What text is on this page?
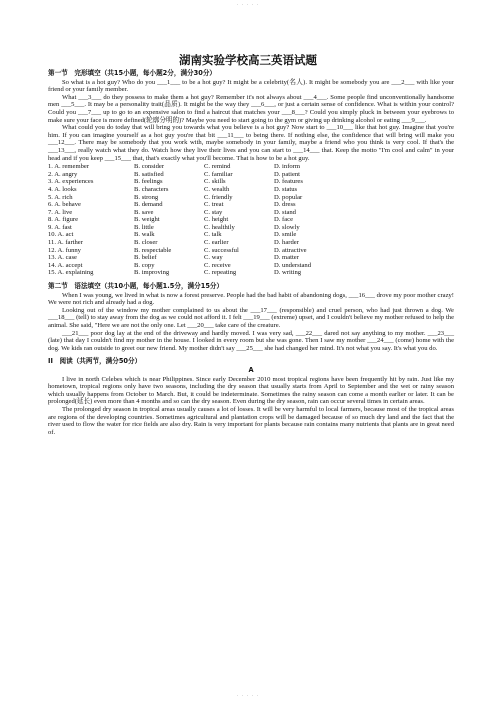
· · · · ·
湖南实验学校高三英语试题
第一节　完形填空（共15小题，每小题2分，满分30分）

So what is a hot guy? Who do you ___1___ to be a hot guy? It might be a celebrity(名人). It might be somebody you are ___2___ with like your friend or your family member.

What ___3___ do they possess to make them a hot guy? Remember it's not always about ___4___. Some people find unconventionally handsome men ___5___. It may be a personality trait(品质). It might be the way they ___6___, or just a certain sense of confidence. What is within your control? Could you ___7___ up to go to an expensive salon to find a haircut that matches your ___8___? Could you simply pluck in between your eyebrows to make sure your face is more defined(轮廓分明的)? Maybe you need to start going to the gym or giving up drinking alcohol or eating ___9___.

What could you do today that will bring you towards what you believe is a hot guy? Now start to ___10___ like that hot guy. Imagine that you're him. If you can imagine yourself as a hot guy you're that bit ___11___ to being there. If nothing else, the confidence that will bring will make you ___12___. There may be somebody that you work with, maybe somebody in your family, maybe a friend who you think is very cool. If that's the ___13___, really watch what they do. Watch how they live their lives and you can start to ___14___ that. Keep the motto "I'm cool and calm" in your head and if you keep ___15___ that, that's exactly what you'll become. That is how to be a hot guy.

1. A. remember	B. consider	C. remind	D. inform
2. A. angry	B. satisfied	C. familiar	D. patient
3. A. experiences	B. feelings	C. skills	D. features
4. A. looks	B. characters	C. wealth	D. status
5. A. rich	B. strong	C. friendly	D. popular
6. A. behave	B. demand	C. treat	D. dress
7. A. live	B. save	C. stay	D. stand
8. A. figure	B. weight	C. height	D. face
9. A. fast	B. little	C. healthily	D. slowly
10. A. act	B. walk	C. talk	D. smile
11. A. farther	B. closer	C. earlier	D. harder
12. A. funny	B. respectable	C. successful	D. attractive
13. A. case	B. belief	C. way	D. matter
14. A. accept	B. copy	C. receive	D. understand
15. A. explaining	B. improving	C. repeating	D. writing
第二节　语法填空（共10小题，每小题1.5分，满分15分）

When I was young, we lived in what is now a forest preserve. People had the bad habit of abandoning dogs, ___16___ drove my poor mother crazy! We were not rich and already had a dog.

Looking out of the window my mother complained to us about the ___17___ (responsible) and cruel person, who had just thrown a dog. We ___18___ (tell) to stay away from the dog as we could not afford it. I felt ___19___ (extreme) upset, and I couldn't believe my mother refused to help the animal. She said, "Here we are not the only one. Let ___20___ take care of the creature.

___21___ poor dog lay at the end of the driveway and hardly moved. I was very sad, ___22___ dared not say anything to my mother. ___23___ (late) that day I couldn't find my mother in the house. I looked in every room but she was gone. Then I saw my mother ___24___ (come) home with the dog. We kids ran outside to greet our new friend. My mother didn't say ___25___ she had changed her mind. It's not what you say. It's what you do.

II　阅读（共两节，满分50分）
A

I live in north Celebes which is near Philippines. Since early December 2010 most tropical regions have been frequently hit by rain. Just like my hometown, tropical regions only have two seasons, including the dry season that usually starts from April to September and the wet or rainy season which usually happens from October to March. But, it could be indeterminate. Sometimes the rainy season can come a month earlier or later. It can be prolonged(延长) even more than 4 months and so can the dry season. Even during the dry season, rain can occur several times in certain areas.

The prolonged dry season in tropical areas usually causes a lot of losses. It will be very harmful to local farmers, because most of the tropical areas are regions of the developing countries. Sometimes agricultural and plantation crops will be damaged because of so much dry land and the fact that the river used to flow the water for rice fields are also dry. Rain is very important for plants because rain contains many nutrients that plants are in great need of.

· · · · ·
